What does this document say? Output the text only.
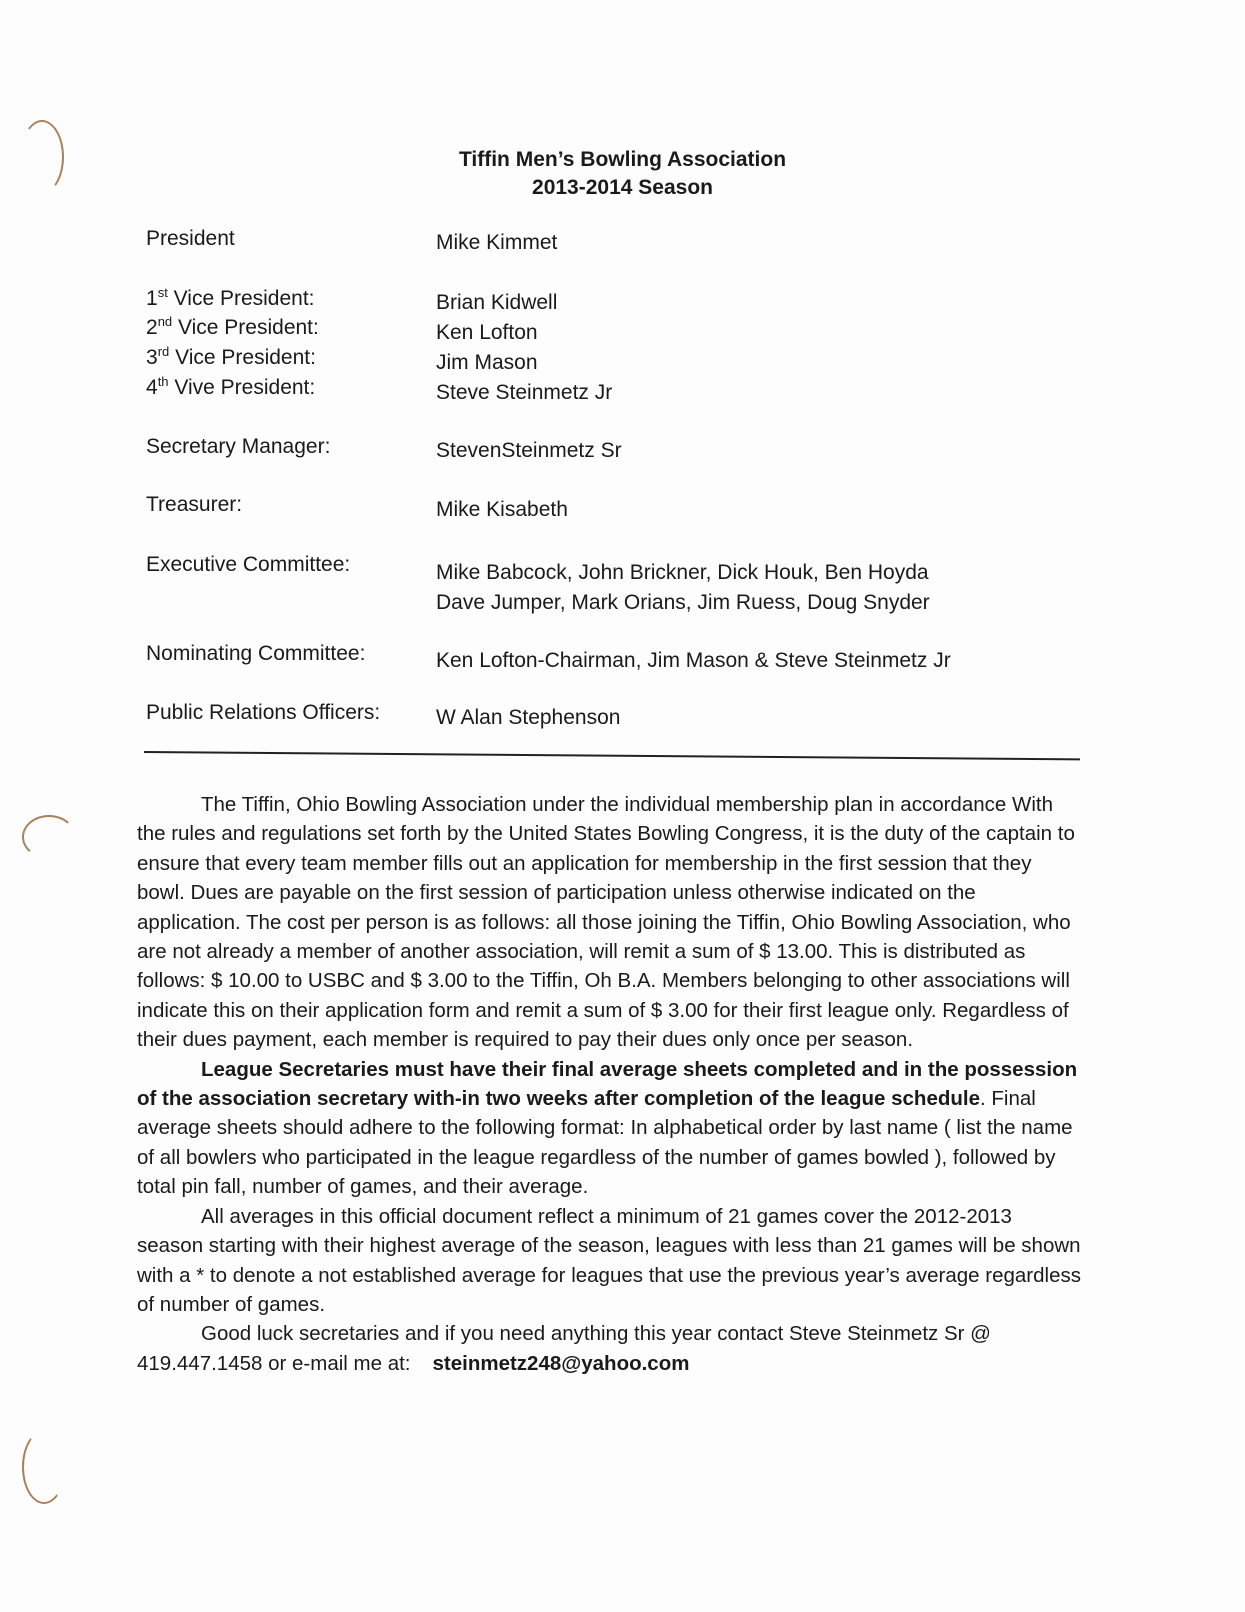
Tiffin Men’s Bowling Association
2013-2014 Season
President	Mike Kimmet
1st Vice President:	Brian Kidwell
2nd Vice President:	Ken Lofton
3rd Vice President:	Jim Mason
4th Vive President:	Steve Steinmetz Jr
Secretary Manager:	StevenSteinmetz Sr
Treasurer:	Mike Kisabeth
Executive Committee:	Mike Babcock, John Brickner, Dick Houk, Ben Hoyda
Dave Jumper, Mark Orians, Jim Ruess, Doug Snyder
Nominating Committee:	Ken Lofton-Chairman, Jim Mason & Steve Steinmetz Jr
Public Relations Officers:	W Alan Stephenson

The Tiffin, Ohio Bowling Association under the individual membership plan in accordance With the rules and regulations set forth by the United States Bowling Congress, it is the duty of the captain to ensure that every team member fills out an application for membership in the first session that they bowl. Dues are payable on the first session of participation unless otherwise indicated on the application. The cost per person is as follows: all those joining the Tiffin, Ohio Bowling Association, who are not already a member of another association, will remit a sum of $ 13.00. This is distributed as follows: $ 10.00 to USBC and $ 3.00 to the Tiffin, Oh B.A. Members belonging to other associations will indicate this on their application form and remit a sum of $ 3.00 for their first league only. Regardless of their dues payment, each member is required to pay their dues only once per season.

League Secretaries must have their final average sheets completed and in the possession of the association secretary with-in two weeks after completion of the league schedule. Final average sheets should adhere to the following format: In alphabetical order by last name ( list the name of all bowlers who participated in the league regardless of the number of games bowled ), followed by total pin fall, number of games, and their average.

All averages in this official document reflect a minimum of 21 games cover the 2012-2013 season starting with their highest average of the season, leagues with less than 21 games will be shown with a * to denote a not established average for leagues that use the previous year’s average regardless of number of games.

Good luck secretaries and if you need anything this year contact Steve Steinmetz Sr @ 419.447.1458 or e-mail me at: steinmetz248@yahoo.com
